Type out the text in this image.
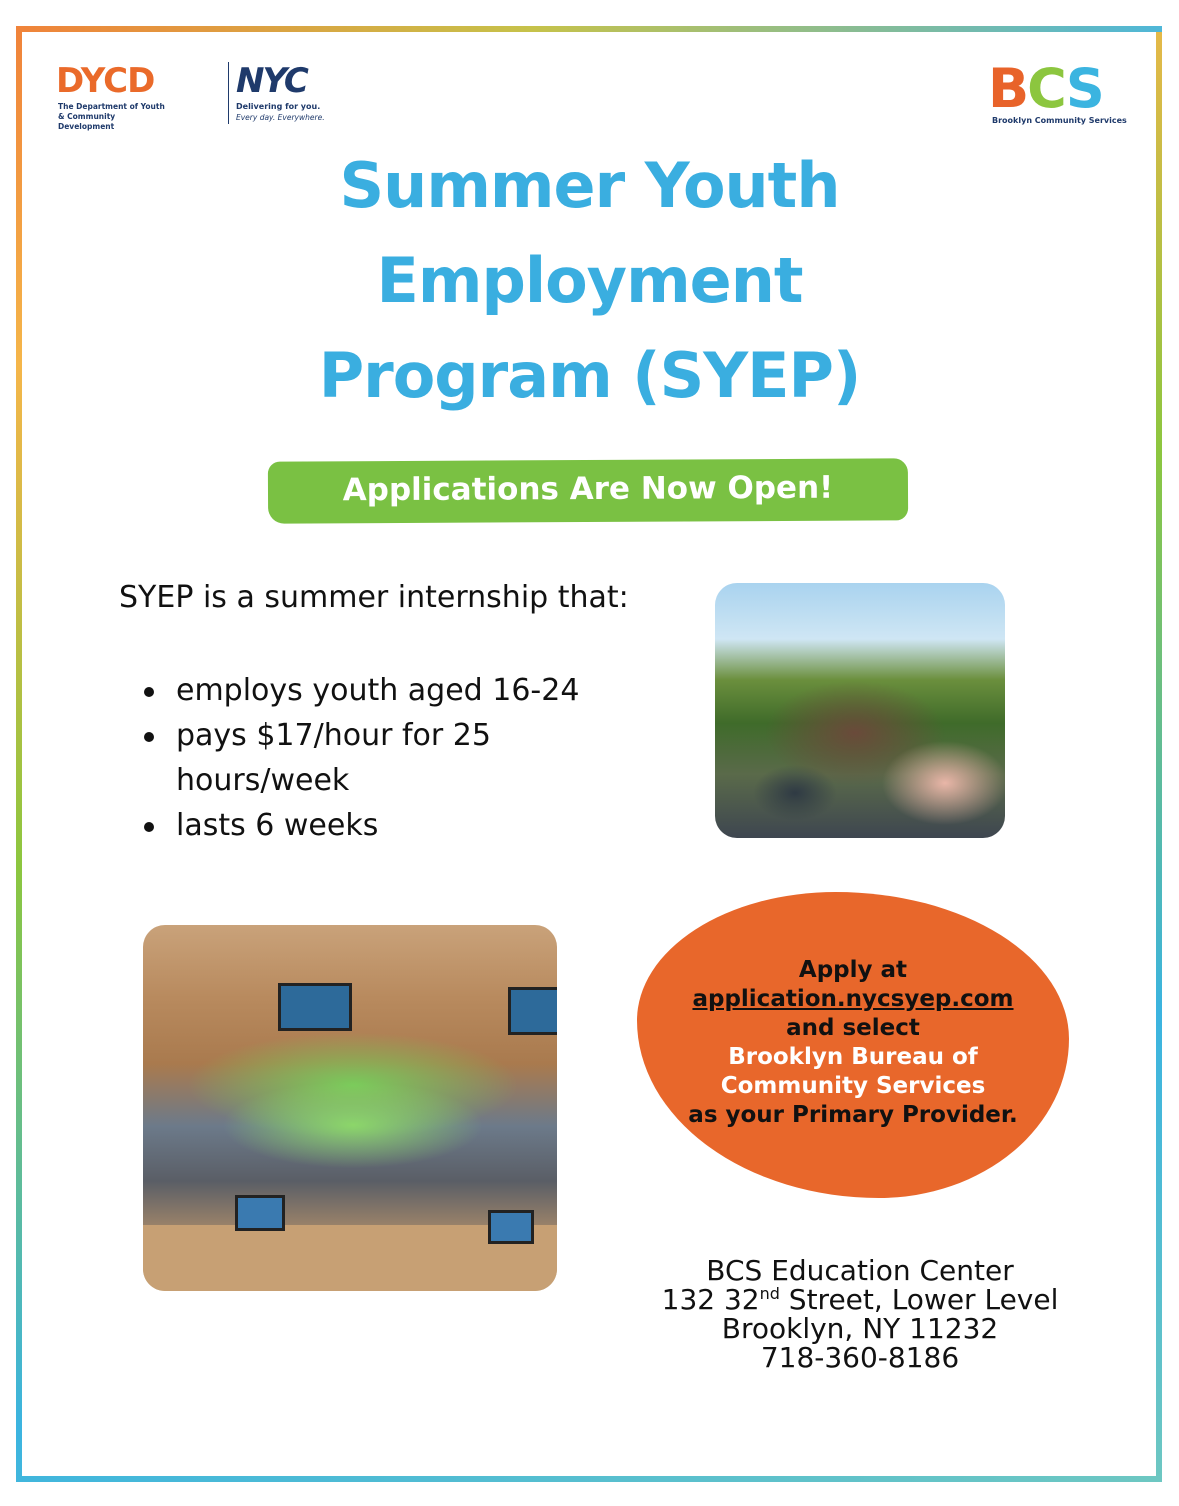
DYCD
The Department of Youth
& Community Development
NYC
Delivering for you.
Every day. Everywhere.	BCS
Brooklyn Community Services
Summer Youth
Employment
Program (SYEP)
Applications Are Now Open!
SYEP is a summer internship that:
employs youth aged 16-24
pays $17/hour for 25 hours/week
lasts 6 weeks
Apply at
application.nycsyep.com
and select
Brooklyn Bureau of
Community Services
as your Primary Provider.
BCS Education Center
132 32nd Street, Lower Level
Brooklyn, NY 11232
718-360-8186
